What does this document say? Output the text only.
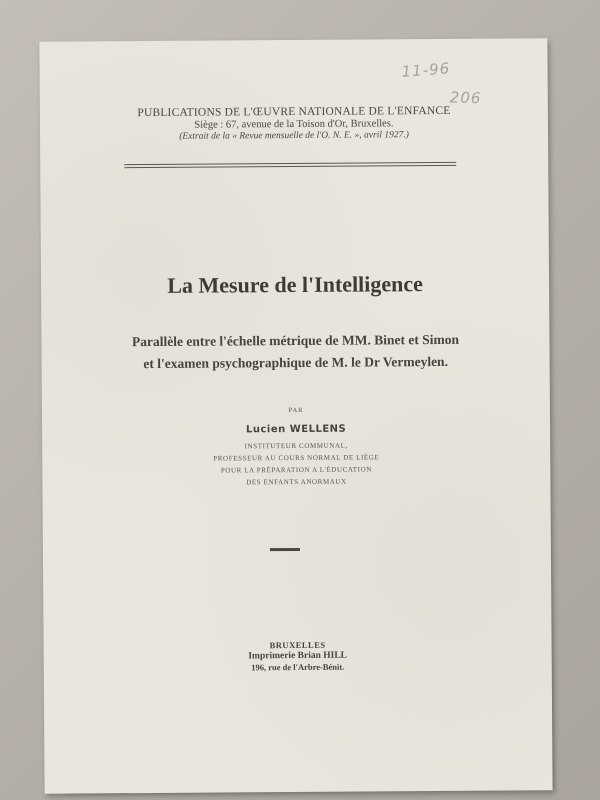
11-96
206
PUBLICATIONS DE L'ŒUVRE NATIONALE DE L'ENFANCE
Siège : 67, avenue de la Toison d'Or, Bruxelles.
(Extrait de la « Revue mensuelle de l'O. N. E. », avril 1927.)
La Mesure de l'Intelligence
Parallèle entre l'échelle métrique de MM. Binet et Simon
et l'examen psychographique de M. le Dr Vermeylen.
PAR
Lucien WELLENS
INSTITUTEUR COMMUNAL,
PROFESSEUR AU COURS NORMAL DE LIÈGE
POUR LA PRÉPARATION A L'ÉDUCATION
DES ENFANTS ANORMAUX
BRUXELLES
Imprimerie Brian HILL
196, rue de l'Arbre-Bénit.
